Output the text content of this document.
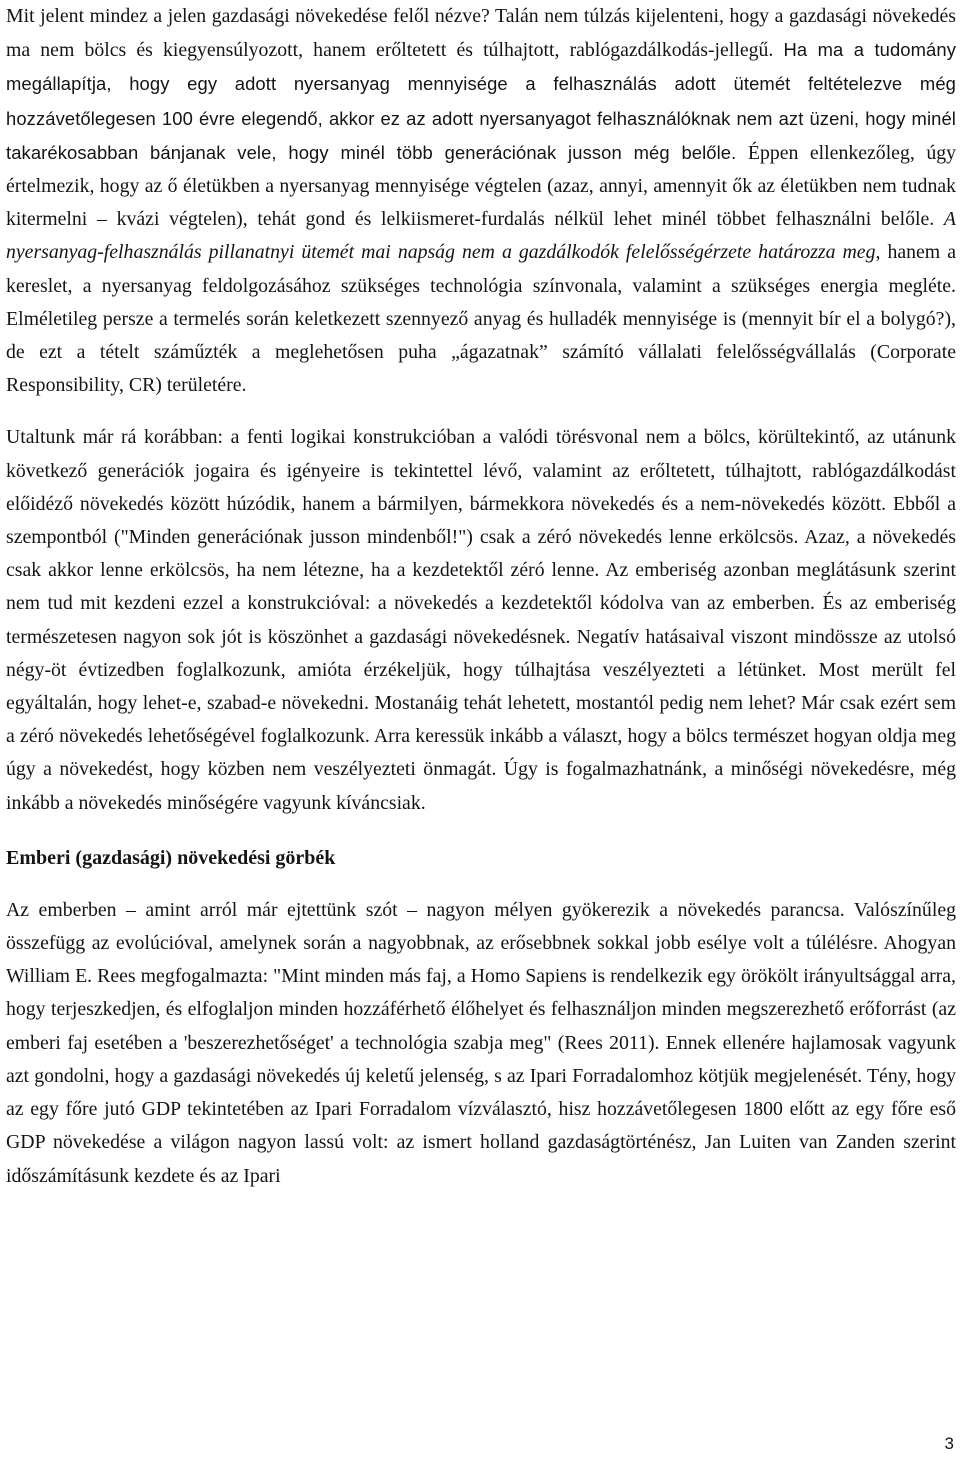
Mit jelent mindez a jelen gazdasági növekedése felől nézve? Talán nem túlzás kijelenteni, hogy a gazdasági növekedés ma nem bölcs és kiegyensúlyozott, hanem erőltetett és túlhajtott, rablógazdálkodás-jellegű. Ha ma a tudomány megállapítja, hogy egy adott nyersanyag mennyisége a felhasználás adott ütemét feltételezve még hozzávetőlegesen 100 évre elegendő, akkor ez az adott nyersanyagot felhasználóknak nem azt üzeni, hogy minél takarékosabban bánjanak vele, hogy minél több generációnak jusson még belőle. Éppen ellenkezőleg, úgy értelmezik, hogy az ő életükben a nyersanyag mennyisége végtelen (azaz, annyi, amennyit ők az életükben nem tudnak kitermelni – kvázi végtelen), tehát gond és lelkiismeret-furdalás nélkül lehet minél többet felhasználni belőle. A nyersanyag-felhasználás pillanatnyi ütemét mai napság nem a gazdálkodók felelősségérzete határozza meg, hanem a kereslet, a nyersanyag feldolgozásához szükséges technológia színvonala, valamint a szükséges energia megléte. Elméletileg persze a termelés során keletkezett szennyező anyag és hulladék mennyisége is (mennyit bír el a bolygó?), de ezt a tételt száműzték a meglehetősen puha „ágazatnak” számító vállalati felelősségvállalás (Corporate Responsibility, CR) területére.

Utaltunk már rá korábban: a fenti logikai konstrukcióban a valódi törésvonal nem a bölcs, körültekintő, az utánunk következő generációk jogaira és igényeire is tekintettel lévő, valamint az erőltetett, túlhajtott, rablógazdálkodást előidéző növekedés között húzódik, hanem a bármilyen, bármekkora növekedés és a nem-növekedés között. Ebből a szempontból ("Minden generációnak jusson mindenből!") csak a zéró növekedés lenne erkölcsös. Azaz, a növekedés csak akkor lenne erkölcsös, ha nem létezne, ha a kezdetektől zéró lenne. Az emberiség azonban meglátásunk szerint nem tud mit kezdeni ezzel a konstrukcióval: a növekedés a kezdetektől kódolva van az emberben. És az emberiség természetesen nagyon sok jót is köszönhet a gazdasági növekedésnek. Negatív hatásaival viszont mindössze az utolsó négy-öt évtizedben foglalkozunk, amióta érzékeljük, hogy túlhajtása veszélyezteti a létünket. Most merült fel egyáltalán, hogy lehet-e, szabad-e növekedni. Mostanáig tehát lehetett, mostantól pedig nem lehet? Már csak ezért sem a zéró növekedés lehetőségével foglalkozunk. Arra keressük inkább a választ, hogy a bölcs természet hogyan oldja meg úgy a növekedést, hogy közben nem veszélyezteti önmagát. Úgy is fogalmazhatnánk, a minőségi növekedésre, még inkább a növekedés minőségére vagyunk kíváncsiak.

Emberi (gazdasági) növekedési görbék

Az emberben – amint arról már ejtettünk szót – nagyon mélyen gyökerezik a növekedés parancsa. Valószínűleg összefügg az evolúcióval, amelynek során a nagyobbnak, az erősebbnek sokkal jobb esélye volt a túlélésre. Ahogyan William E. Rees megfogalmazta: "Mint minden más faj, a Homo Sapiens is rendelkezik egy örökölt irányultsággal arra, hogy terjeszkedjen, és elfoglaljon minden hozzáférhető élőhelyet és felhasználjon minden megszerezhető erőforrást (az emberi faj esetében a 'beszerezhetőséget' a technológia szabja meg" (Rees 2011). Ennek ellenére hajlamosak vagyunk azt gondolni, hogy a gazdasági növekedés új keletű jelenség, s az Ipari Forradalomhoz kötjük megjelenését. Tény, hogy az egy főre jutó GDP tekintetében az Ipari Forradalom vízválasztó, hisz hozzávetőlegesen 1800 előtt az egy főre eső GDP növekedése a világon nagyon lassú volt: az ismert holland gazdaságtörténész, Jan Luiten van Zanden szerint időszámításunk kezdete és az Ipari

3
